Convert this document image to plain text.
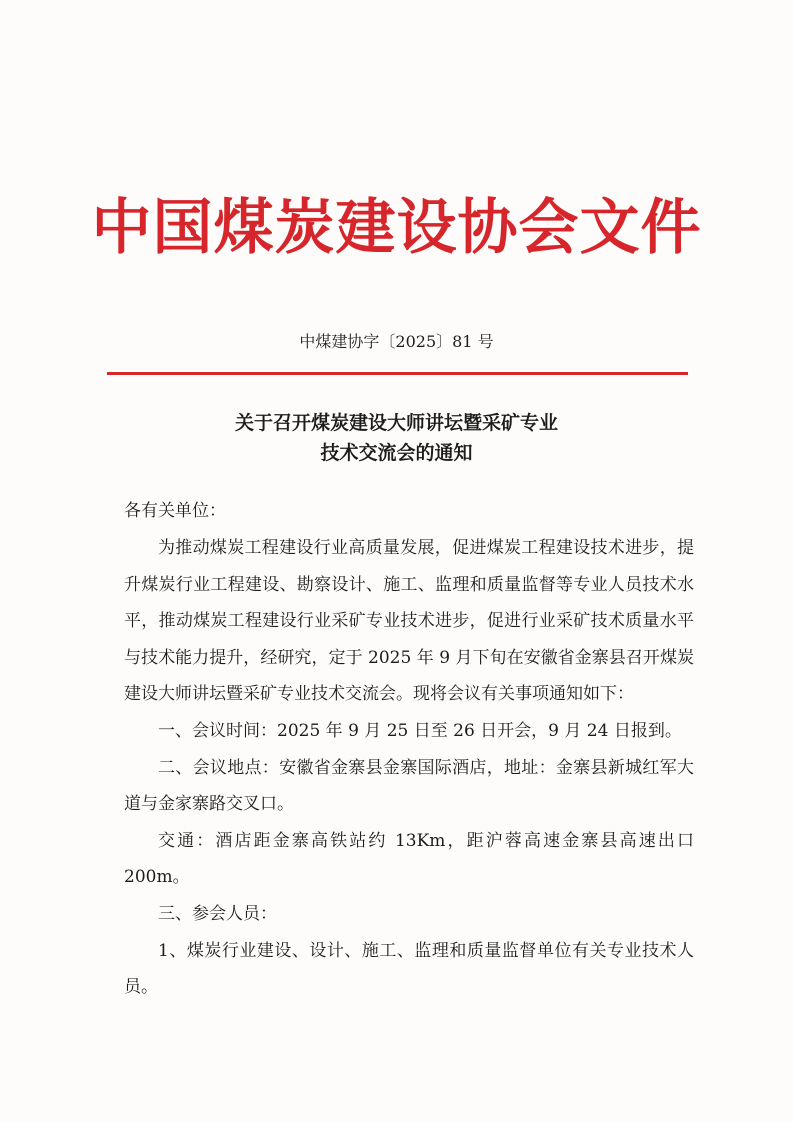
中国煤炭建设协会文件
中煤建协字〔2025〕81 号
关于召开煤炭建设大师讲坛暨采矿专业
技术交流会的通知
各有关单位：

为推动煤炭工程建设行业高质量发展，促进煤炭工程建设技术进步，提升煤炭行业工程建设、勘察设计、施工、监理和质量监督等专业人员技术水平，推动煤炭工程建设行业采矿专业技术进步，促进行业采矿技术质量水平与技术能力提升，经研究，定于 2025 年 9 月下旬在安徽省金寨县召开煤炭建设大师讲坛暨采矿专业技术交流会。现将会议有关事项通知如下：

一、会议时间：2025 年 9 月 25 日至 26 日开会，9 月 24 日报到。

二、会议地点：安徽省金寨县金寨国际酒店，地址：金寨县新城红军大道与金家寨路交叉口。

交通：酒店距金寨高铁站约 13Km，距沪蓉高速金寨县高速出口 200m。

三、参会人员：

1、煤炭行业建设、设计、施工、监理和质量监督单位有关专业技术人员。
